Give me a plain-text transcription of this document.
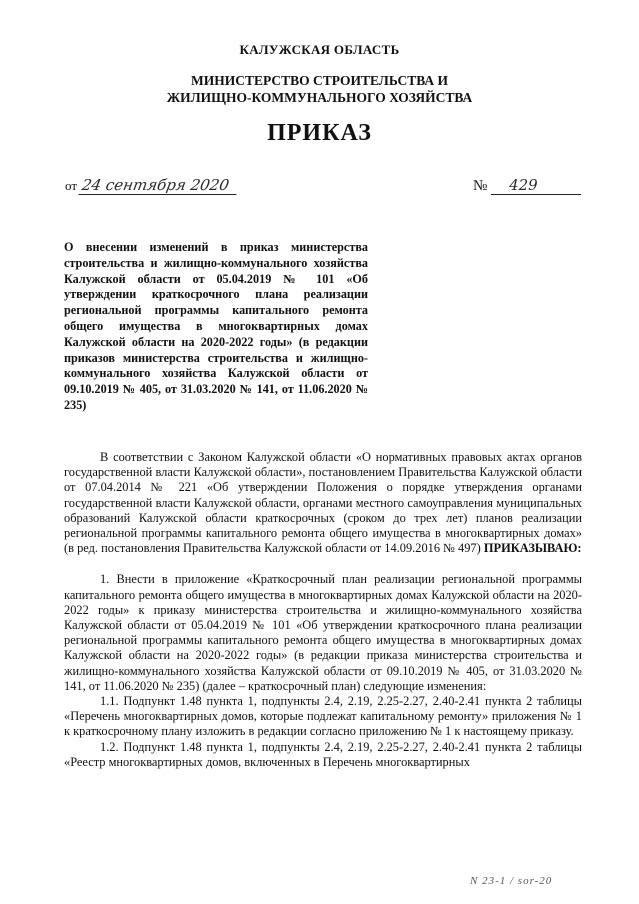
КАЛУЖСКАЯ ОБЛАСТЬ

МИНИСТЕРСТВО СТРОИТЕЛЬСТВА И
ЖИЛИЩНО-КОММУНАЛЬНОГО ХОЗЯЙСТВА

ПРИКАЗ

от 24 сентября 2020	№ 429

О внесении изменений в приказ министерства строительства и жилищно-коммунального хозяйства Калужской области от 05.04.2019 № 101 «Об утверждении краткосрочного плана реализации региональной программы капитального ремонта общего имущества в многоквартирных домах Калужской области на 2020-2022 годы» (в редакции приказов министерства строительства и жилищно-коммунального хозяйства Калужской области от 09.10.2019 № 405, от 31.03.2020 № 141, от 11.06.2020 № 235)

В соответствии с Законом Калужской области «О нормативных правовых актах органов государственной власти Калужской области», постановлением Правительства Калужской области от 07.04.2014 № 221 «Об утверждении Положения о порядке утверждения органами государственной власти Калужской области, органами местного самоуправления муниципальных образований Калужской области краткосрочных (сроком до трех лет) планов реализации региональной программы капитального ремонта общего имущества в многоквартирных домах» (в ред. постановления Правительства Калужской области от 14.09.2016 № 497) ПРИКАЗЫВАЮ:

1. Внести в приложение «Краткосрочный план реализации региональной программы капитального ремонта общего имущества в многоквартирных домах Калужской области на 2020-2022 годы» к приказу министерства строительства и жилищно-коммунального хозяйства Калужской области от 05.04.2019 № 101 «Об утверждении краткосрочного плана реализации региональной программы капитального ремонта общего имущества в многоквартирных домах Калужской области на 2020-2022 годы» (в редакции приказа министерства строительства и жилищно-коммунального хозяйства Калужской области от 09.10.2019 № 405, от 31.03.2020 № 141, от 11.06.2020 № 235) (далее – краткосрочный план) следующие изменения:

1.1. Подпункт 1.48 пункта 1, подпункты 2.4, 2.19, 2.25-2.27, 2.40-2.41 пункта 2 таблицы «Перечень многоквартирных домов, которые подлежат капитальному ремонту» приложения № 1 к краткосрочному плану изложить в редакции согласно приложению № 1 к настоящему приказу.

1.2. Подпункт 1.48 пункта 1, подпункты 2.4, 2.19, 2.25-2.27, 2.40-2.41 пункта 2 таблицы «Реестр многоквартирных домов, включенных в Перечень многоквартирных

N 23-1 / sor-20
